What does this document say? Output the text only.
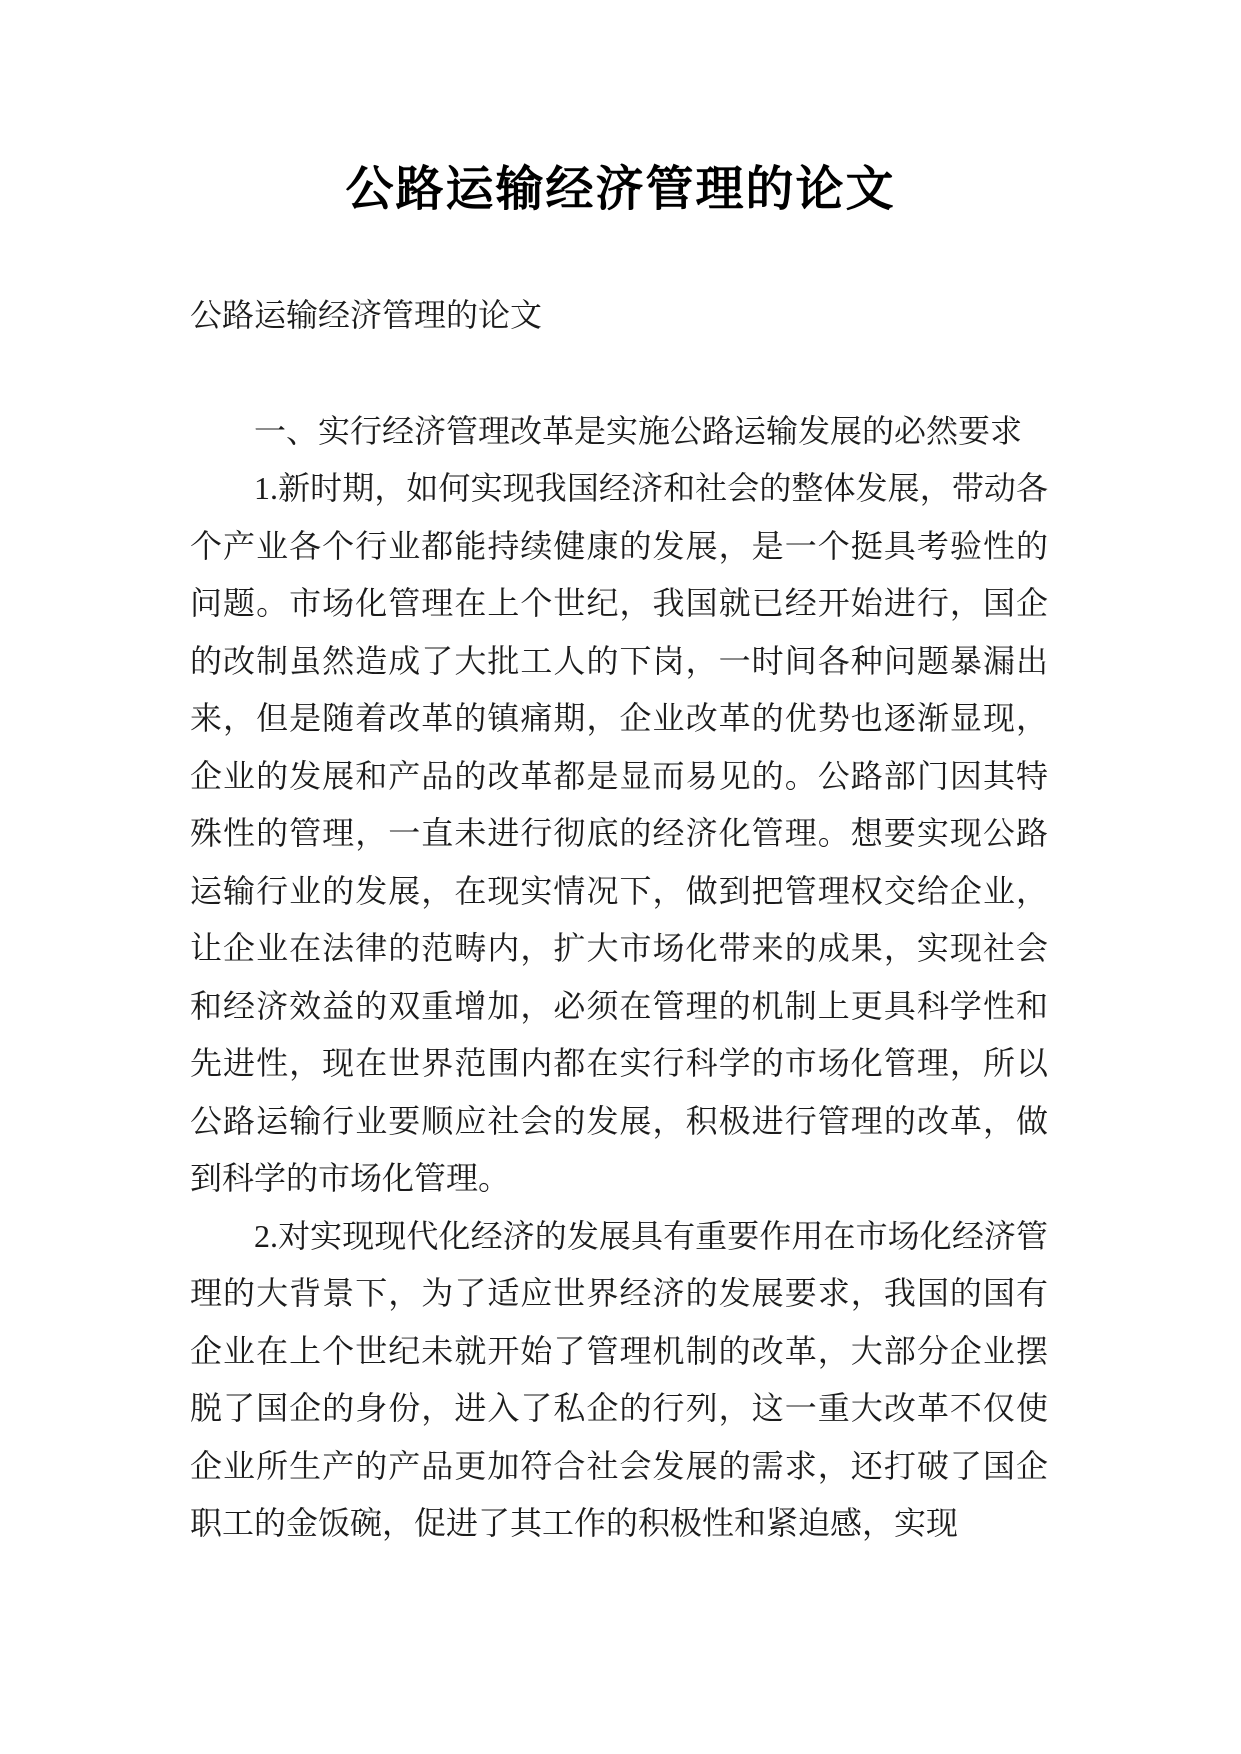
公路运输经济管理的论文

公路运输经济管理的论文

一、实行经济管理改革是实施公路运输发展的必然要求

1.新时期，如何实现我国经济和社会的整体发展，带动各个产业各个行业都能持续健康的发展，是一个挺具考验性的问题。市场化管理在上个世纪，我国就已经开始进行，国企的改制虽然造成了大批工人的下岗，一时间各种问题暴漏出来，但是随着改革的镇痛期，企业改革的优势也逐渐显现，企业的发展和产品的改革都是显而易见的。公路部门因其特殊性的管理，一直未进行彻底的经济化管理。想要实现公路运输行业的发展，在现实情况下，做到把管理权交给企业，让企业在法律的范畴内，扩大市场化带来的成果，实现社会和经济效益的双重增加，必须在管理的机制上更具科学性和先进性，现在世界范围内都在实行科学的市场化管理，所以公路运输行业要顺应社会的发展，积极进行管理的改革，做到科学的市场化管理。

2.对实现现代化经济的发展具有重要作用在市场化经济管理的大背景下，为了适应世界经济的发展要求，我国的国有企业在上个世纪未就开始了管理机制的改革，大部分企业摆脱了国企的身份，进入了私企的行列，这一重大改革不仅使企业所生产的产品更加符合社会发展的需求，还打破了国企职工的金饭碗，促进了其工作的积极性和紧迫感，实现
